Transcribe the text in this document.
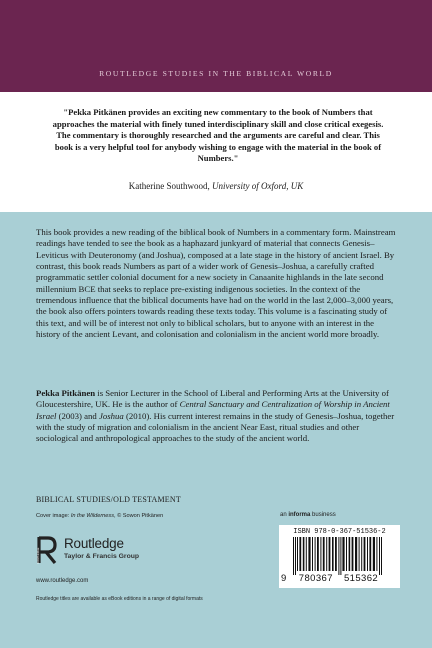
ROUTLEDGE STUDIES IN THE BIBLICAL WORLD
"Pekka Pitkänen provides an exciting new commentary to the book of Numbers that approaches the material with finely tuned interdisciplinary skill and close critical exegesis. The commentary is thoroughly researched and the arguments are careful and clear. This book is a very helpful tool for anybody wishing to engage with the material in the book of Numbers."
Katherine Southwood, University of Oxford, UK
This book provides a new reading of the biblical book of Numbers in a commentary form. Mainstream readings have tended to see the book as a haphazard junkyard of material that connects Genesis–Leviticus with Deuteronomy (and Joshua), composed at a late stage in the history of ancient Israel. By contrast, this book reads Numbers as part of a wider work of Genesis–Joshua, a carefully crafted programmatic settler colonial document for a new society in Canaanite highlands in the late second millennium BCE that seeks to replace pre-existing indigenous societies. In the context of the tremendous influence that the biblical documents have had on the world in the last 2,000–3,000 years, the book also offers pointers towards reading these texts today. This volume is a fascinating study of this text, and will be of interest not only to biblical scholars, but to anyone with an interest in the history of the ancient Levant, and colonisation and colonialism in the ancient world more broadly.
Pekka Pitkänen is Senior Lecturer in the School of Liberal and Performing Arts at the University of Gloucestershire, UK. He is the author of Central Sanctuary and Centralization of Worship in Ancient Israel (2003) and Joshua (2010). His current interest remains in the study of Genesis–Joshua, together with the study of migration and colonialism in the ancient Near East, ritual studies and other sociological and anthropological approaches to the study of the ancient world.
BIBLICAL STUDIES/OLD TESTAMENT
Cover image: In the Wilderness, © Sowon Pitkänen
ROUTLEDGE
Routledge
Taylor & Francis Group
www.routledge.com
Routledge titles are available as eBook editions in a range of digital formats
an informa business
ISBN 978-0-367-51536-2
9 780367 515362
